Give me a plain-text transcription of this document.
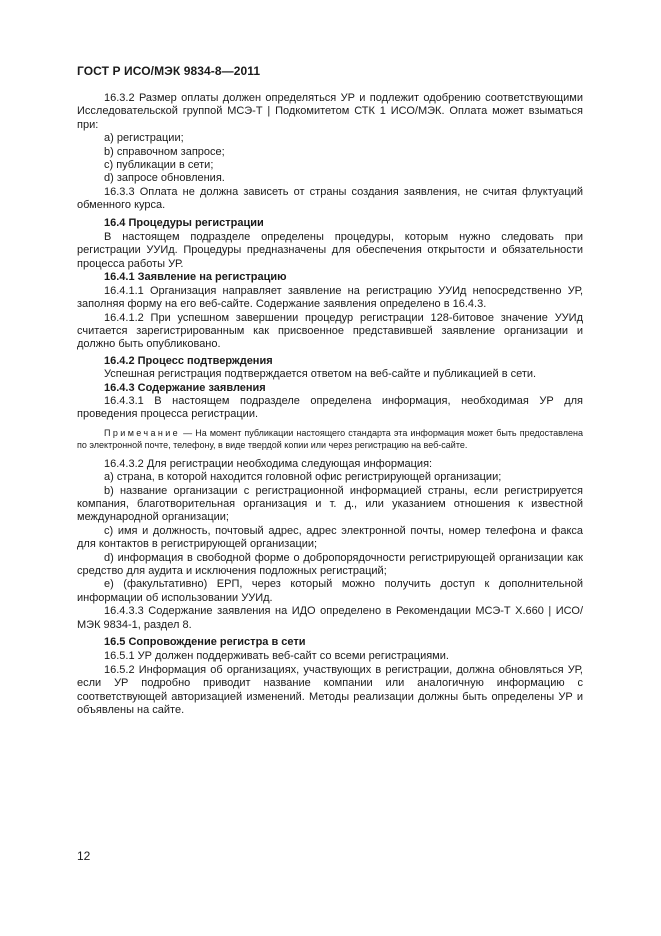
ГОСТ Р ИСО/МЭК 9834-8—2011

16.3.2 Размер оплаты должен определяться УР и подлежит одобрению соответствующими Исследовательской группой МСЭ-Т | Подкомитетом СТК 1 ИСО/МЭК. Оплата может взыматься при:

a) регистрации;

b) справочном запросе;

c) публикации в сети;

d) запросе обновления.

16.3.3 Оплата не должна зависеть от страны создания заявления, не считая флуктуаций обменного курса.

16.4 Процедуры регистрации

В настоящем подразделе определены процедуры, которым нужно следовать при регистрации УУИд. Процедуры предназначены для обеспечения открытости и обязательности процесса работы УР.

16.4.1 Заявление на регистрацию

16.4.1.1 Организация направляет заявление на регистрацию УУИд непосредственно УР, заполняя форму на его веб-сайте. Содержание заявления определено в 16.4.3.

16.4.1.2 При успешном завершении процедур регистрации 128-битовое значение УУИд считается зарегистрированным как присвоенное представившей заявление организации и должно быть опубликовано.

16.4.2 Процесс подтверждения

Успешная регистрация подтверждается ответом на веб-сайте и публикацией в сети.

16.4.3 Содержание заявления

16.4.3.1 В настоящем подразделе определена информация, необходимая УР для проведения процесса регистрации.

Примечание — На момент публикации настоящего стандарта эта информация может быть предоставлена по электронной почте, телефону, в виде твердой копии или через регистрацию на веб-сайте.

16.4.3.2 Для регистрации необходима следующая информация:

a) страна, в которой находится головной офис регистрирующей организации;

b) название организации с регистрационной информацией страны, если регистрируется компания, благотворительная организация и т. д., или указанием отношения к известной международной организации;

c) имя и должность, почтовый адрес, адрес электронной почты, номер телефона и факса для контактов в регистрирующей организации;

d) информация в свободной форме о добропорядочности регистрирующей организации как средство для аудита и исключения подложных регистраций;

e) (факультативно) ЕРП, через который можно получить доступ к дополнительной информации об использовании УУИд.

16.4.3.3 Содержание заявления на ИДО определено в Рекомендации МСЭ-Т X.660 | ИСО/МЭК 9834-1, раздел 8.

16.5 Сопровождение регистра в сети

16.5.1 УР должен поддерживать веб-сайт со всеми регистрациями.

16.5.2 Информация об организациях, участвующих в регистрации, должна обновляться УР, если УР подробно приводит название компании или аналогичную информацию с соответствующей авторизацией изменений. Методы реализации должны быть определены УР и объявлены на сайте.

12
